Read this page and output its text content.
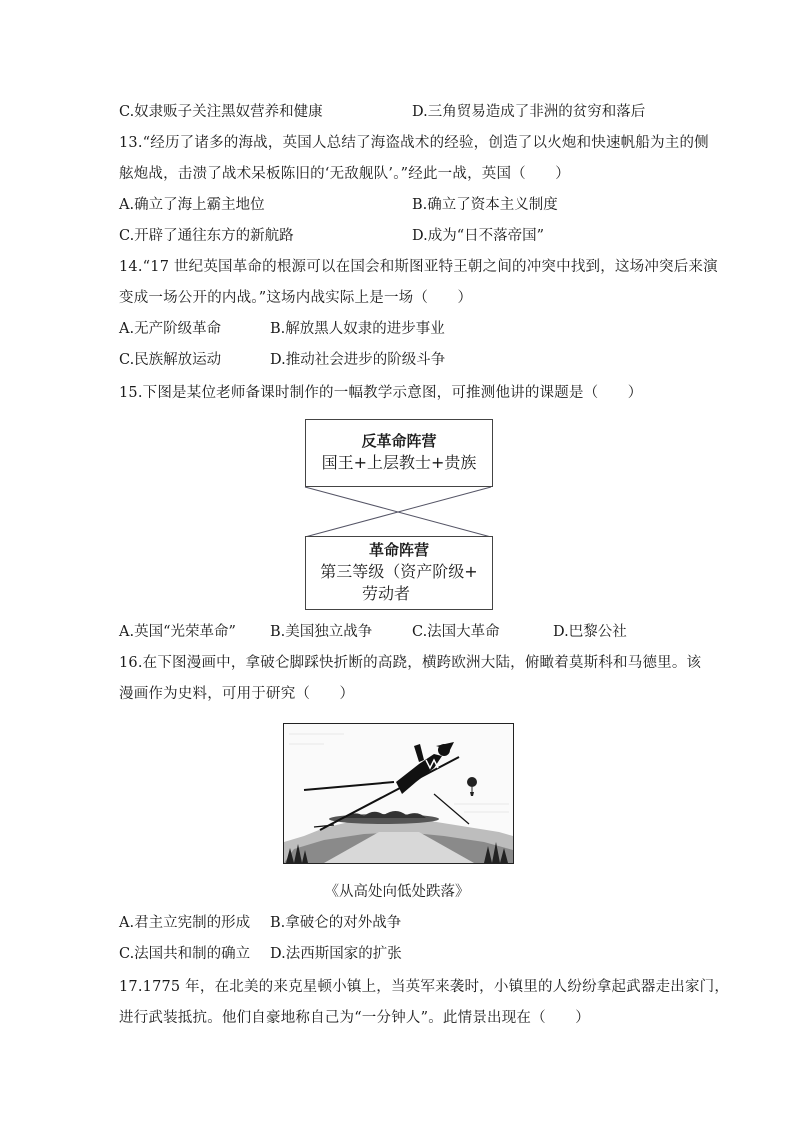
C.奴隶贩子关注黑奴营养和健康	D.三角贸易造成了非洲的贫穷和落后
13.“经历了诸多的海战，英国人总结了海盗战术的经验，创造了以火炮和快速帆船为主的侧
舷炮战，击溃了战术呆板陈旧的‘无敌舰队’。”经此一战，英国（　　）
A.确立了海上霸主地位	B.确立了资本主义制度
C.开辟了通往东方的新航路	D.成为“日不落帝国”
14.“17 世纪英国革命的根源可以在国会和斯图亚特王朝之间的冲突中找到，这场冲突后来演
变成一场公开的内战。”这场内战实际上是一场（　　）
A.无产阶级革命	B.解放黑人奴隶的进步事业
C.民族解放运动	D.推动社会进步的阶级斗争
15.下图是某位老师备课时制作的一幅教学示意图，可推测他讲的课题是（　　）
反革命阵营
国王+上层教士+贵族
革命阵营
第三等级（资产阶级+
劳动者
A.英国“光荣革命” B.美国独立战争	C.法国大革命	D.巴黎公社
16.在下图漫画中，拿破仑脚踩快折断的高跷，横跨欧洲大陆，俯瞰着莫斯科和马德里。该
漫画作为史料，可用于研究（　　）
《从高处向低处跌落》
A.君主立宪制的形成 B.拿破仑的对外战争
C.法国共和制的确立 D.法西斯国家的扩张
17.1775 年，在北美的来克星顿小镇上，当英军来袭时，小镇里的人纷纷拿起武器走出家门，
进行武装抵抗。他们自豪地称自己为“一分钟人”。此情景出现在（　　）
